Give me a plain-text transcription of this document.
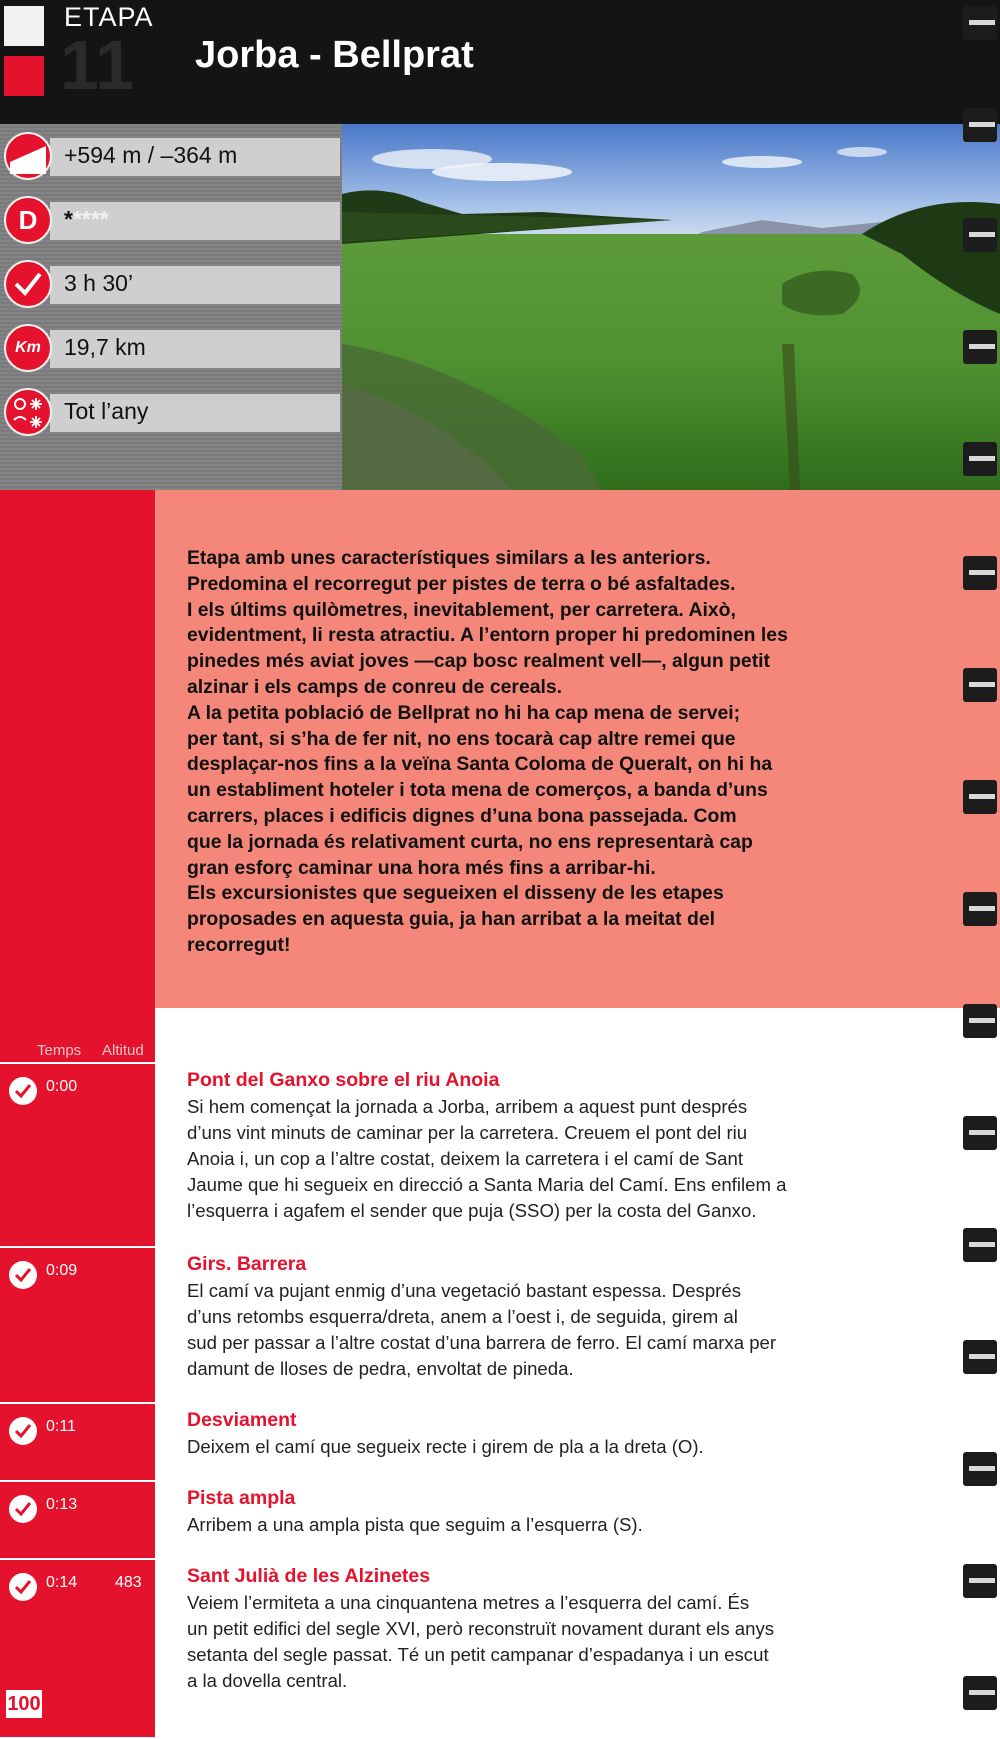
ETAPA
11 Jorba - Bellprat
+594 m / –364 m
*****
D
3 h 30’
19,7 km
Km
Tot l’any
Etapa amb unes característiques similars a les anteriors.
Predomina el recorregut per pistes de terra o bé asfaltades.
I els últims quilòmetres, inevitablement, per carretera. Això,
evidentment, li resta atractiu. A l’entorn proper hi predominen les
pinedes més aviat joves —cap bosc realment vell—, algun petit
alzinar i els camps de conreu de cereals.
A la petita població de Bellprat no hi ha cap mena de servei;
per tant, si s’ha de fer nit, no ens tocarà cap altre remei que
desplaçar-nos fins a la veïna Santa Coloma de Queralt, on hi ha
un establiment hoteler i tota mena de comerços, a banda d’uns
carrers, places i edificis dignes d’una bona passejada. Com
que la jornada és relativament curta, no ens representarà cap
gran esforç caminar una hora més fins a arribar-hi.
Els excursionistes que segueixen el disseny de les etapes
proposades en aquesta guia, ja han arribat a la meitat del
recorregut!
Temps Altitud
0:00
0:09
0:11
0:13
0:14 483
Pont del Ganxo sobre el riu Anoia
Si hem començat la jornada a Jorba, arribem a aquest punt després
d’uns vint minuts de caminar per la carretera. Creuem el pont del riu
Anoia i, un cop a l’altre costat, deixem la carretera i el camí de Sant
Jaume que hi segueix en direcció a Santa Maria del Camí. Ens enfilem a
l’esquerra i agafem el sender que puja (SSO) per la costa del Ganxo.
Girs. Barrera
El camí va pujant enmig d’una vegetació bastant espessa. Després
d’uns retombs esquerra/dreta, anem a l’oest i, de seguida, girem al
sud per passar a l’altre costat d’una barrera de ferro. El camí marxa per
damunt de lloses de pedra, envoltat de pineda.
Desviament
Deixem el camí que segueix recte i girem de pla a la dreta (O).
Pista ampla
Arribem a una ampla pista que seguim a l’esquerra (S).
Sant Julià de les Alzinetes
Veiem l’ermiteta a una cinquantena metres a l’esquerra del camí. És
un petit edifici del segle XVI, però reconstruït novament durant els anys
setanta del segle passat. Té un petit campanar d’espadanya i un escut
a la dovella central.
100
